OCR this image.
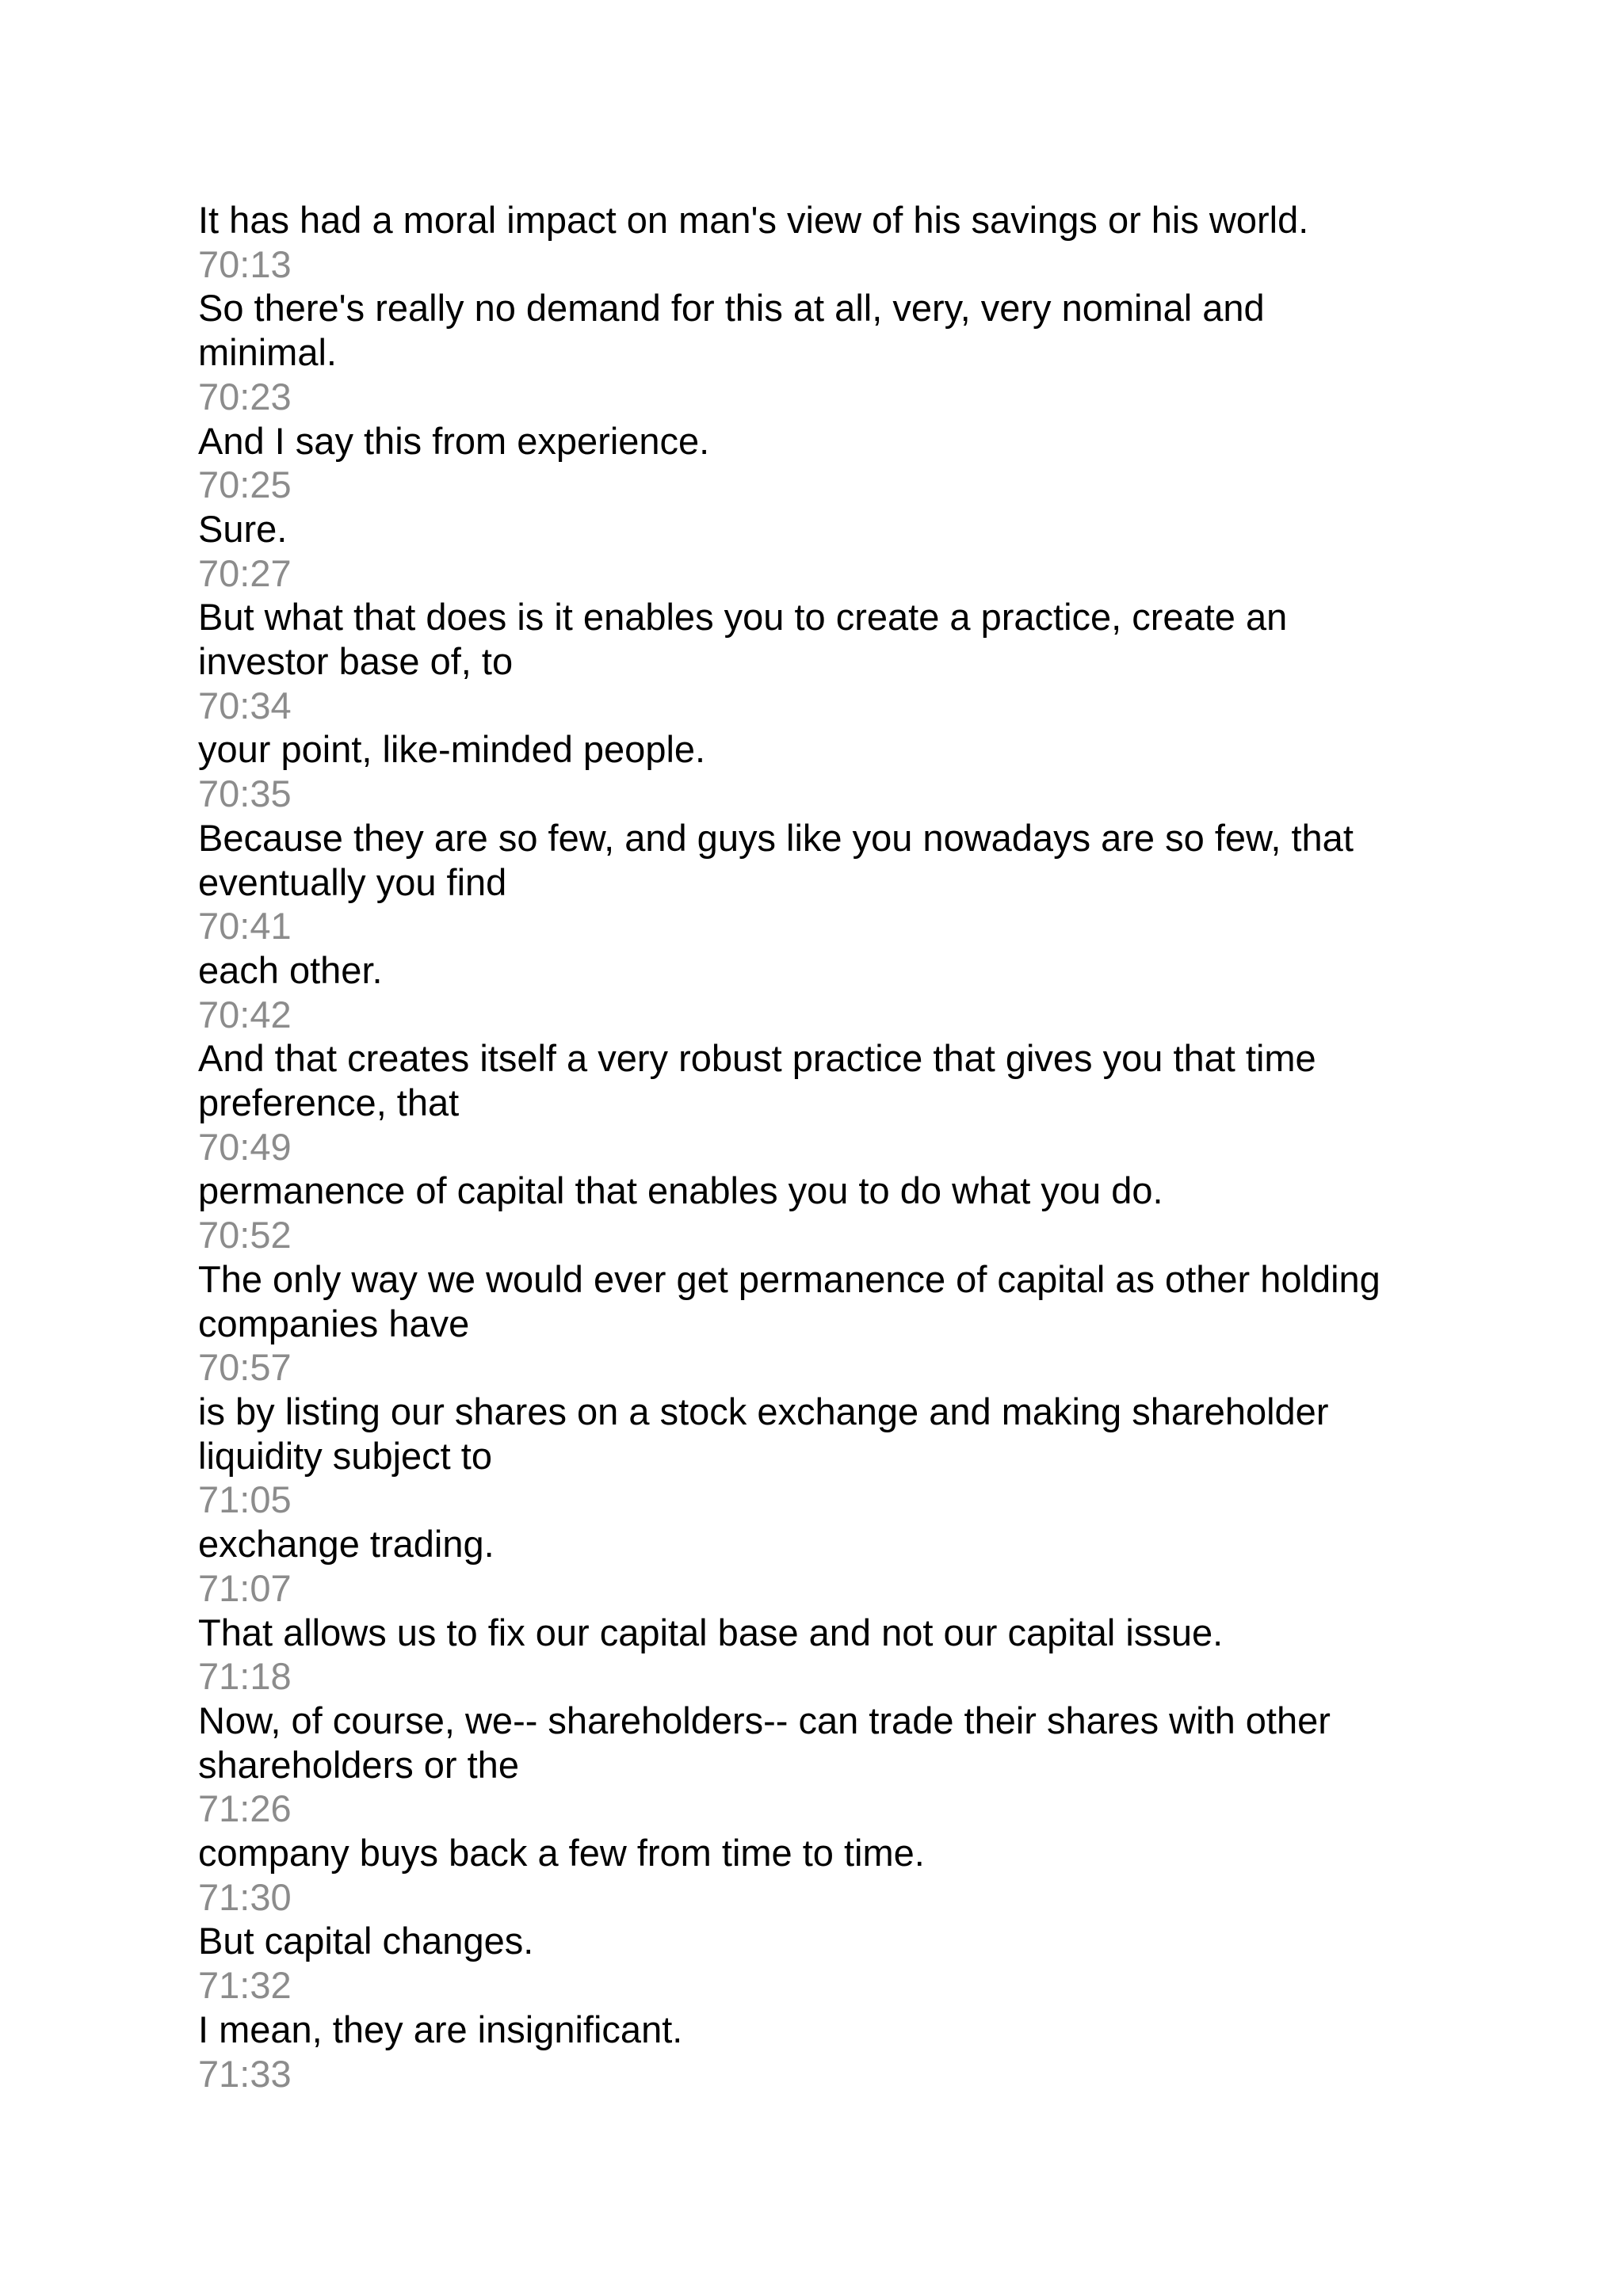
It has had a moral impact on man's view of his savings or his world.
70:13
So there's really no demand for this at all, very, very nominal and
minimal.
70:23
And I say this from experience.
70:25
Sure.
70:27
But what that does is it enables you to create a practice, create an
investor base of, to
70:34
your point, like-minded people.
70:35
Because they are so few, and guys like you nowadays are so few, that
eventually you find
70:41
each other.
70:42
And that creates itself a very robust practice that gives you that time
preference, that
70:49
permanence of capital that enables you to do what you do.
70:52
The only way we would ever get permanence of capital as other holding
companies have
70:57
is by listing our shares on a stock exchange and making shareholder
liquidity subject to
71:05
exchange trading.
71:07
That allows us to fix our capital base and not our capital issue.
71:18
Now, of course, we-- shareholders-- can trade their shares with other
shareholders or the
71:26
company buys back a few from time to time.
71:30
But capital changes.
71:32
I mean, they are insignificant.
71:33
